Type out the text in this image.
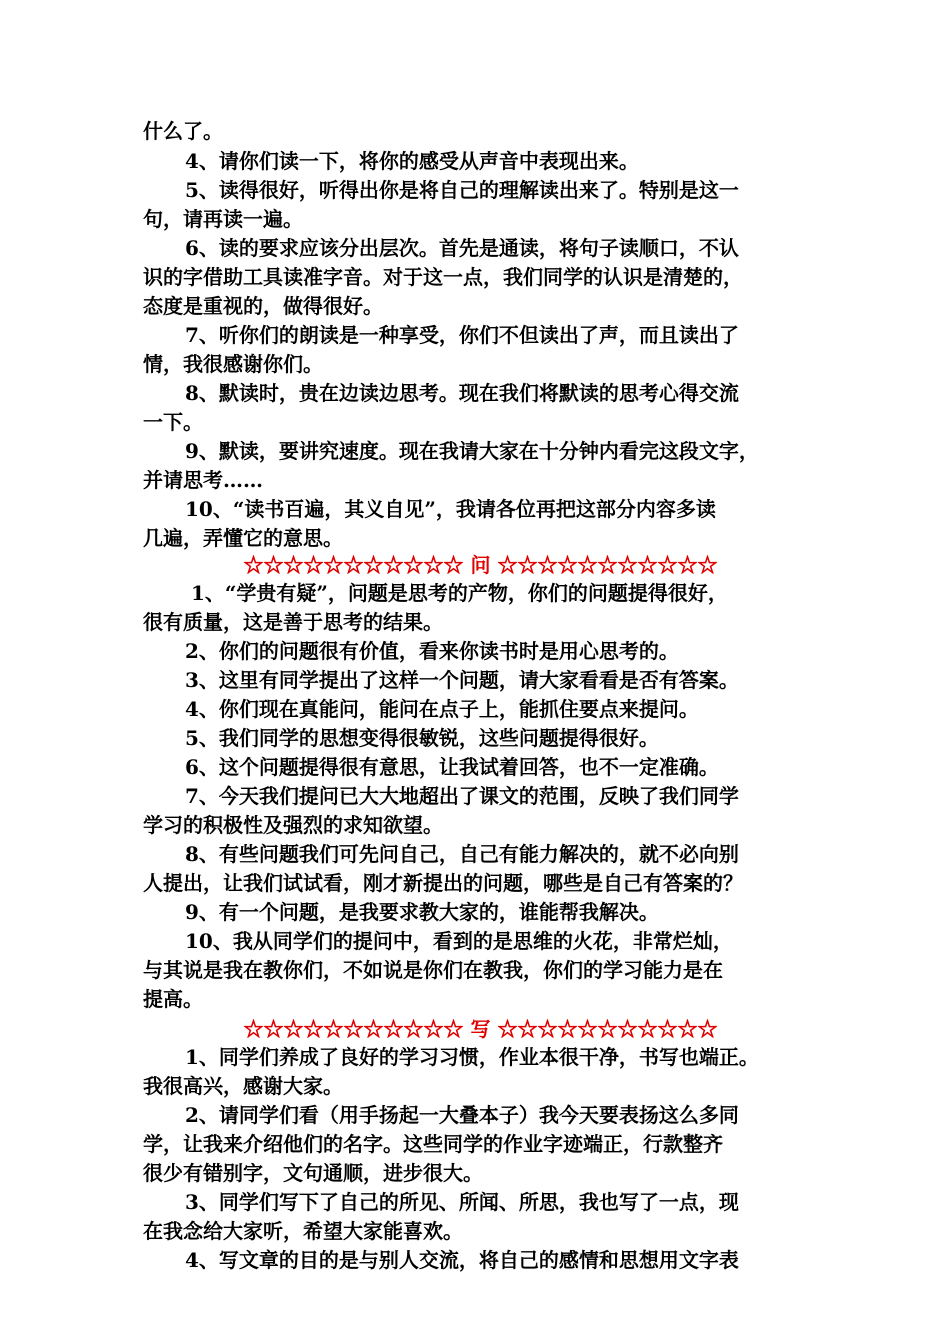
什么了。
4、请你们读一下，将你的感受从声音中表现出来。
5、读得很好，听得出你是将自己的理解读出来了。特别是这一
句，请再读一遍。
6、读的要求应该分出层次。首先是通读，将句子读顺口，不认
识的字借助工具读准字音。对于这一点，我们同学的认识是清楚的，
态度是重视的，做得很好。
7、听你们的朗读是一种享受，你们不但读出了声，而且读出了
情，我很感谢你们。
8、默读时，贵在边读边思考。现在我们将默读的思考心得交流
一下。
9、默读，要讲究速度。现在我请大家在十分钟内看完这段文字，
并请思考……
10、“读书百遍，其义自见”，我请各位再把这部分内容多读
几遍，弄懂它的意思。
☆☆☆☆☆☆☆☆☆☆☆ 问 ☆☆☆☆☆☆☆☆☆☆☆
1、“学贵有疑”，问题是思考的产物，你们的问题提得很好，
很有质量，这是善于思考的结果。
2、你们的问题很有价值，看来你读书时是用心思考的。
3、这里有同学提出了这样一个问题，请大家看看是否有答案。
4、你们现在真能问，能问在点子上，能抓住要点来提问。
5、我们同学的思想变得很敏锐，这些问题提得很好。
6、这个问题提得很有意思，让我试着回答，也不一定准确。
7、今天我们提问已大大地超出了课文的范围，反映了我们同学
学习的积极性及强烈的求知欲望。
8、有些问题我们可先问自己，自己有能力解决的，就不必向别
人提出，让我们试试看，刚才新提出的问题，哪些是自己有答案的？
9、有一个问题，是我要求教大家的，谁能帮我解决。
10、我从同学们的提问中，看到的是思维的火花，非常烂灿，
与其说是我在教你们，不如说是你们在教我，你们的学习能力是在
提高。
☆☆☆☆☆☆☆☆☆☆☆ 写 ☆☆☆☆☆☆☆☆☆☆☆
1、同学们养成了良好的学习习惯，作业本很干净，书写也端正。
我很高兴，感谢大家。
2、请同学们看（用手扬起一大叠本子）我今天要表扬这么多同
学，让我来介绍他们的名字。这些同学的作业字迹端正，行款整齐
很少有错别字，文句通顺，进步很大。
3、同学们写下了自己的所见、所闻、所思，我也写了一点，现
在我念给大家听，希望大家能喜欢。
4、写文章的目的是与别人交流，将自己的感情和思想用文字表
